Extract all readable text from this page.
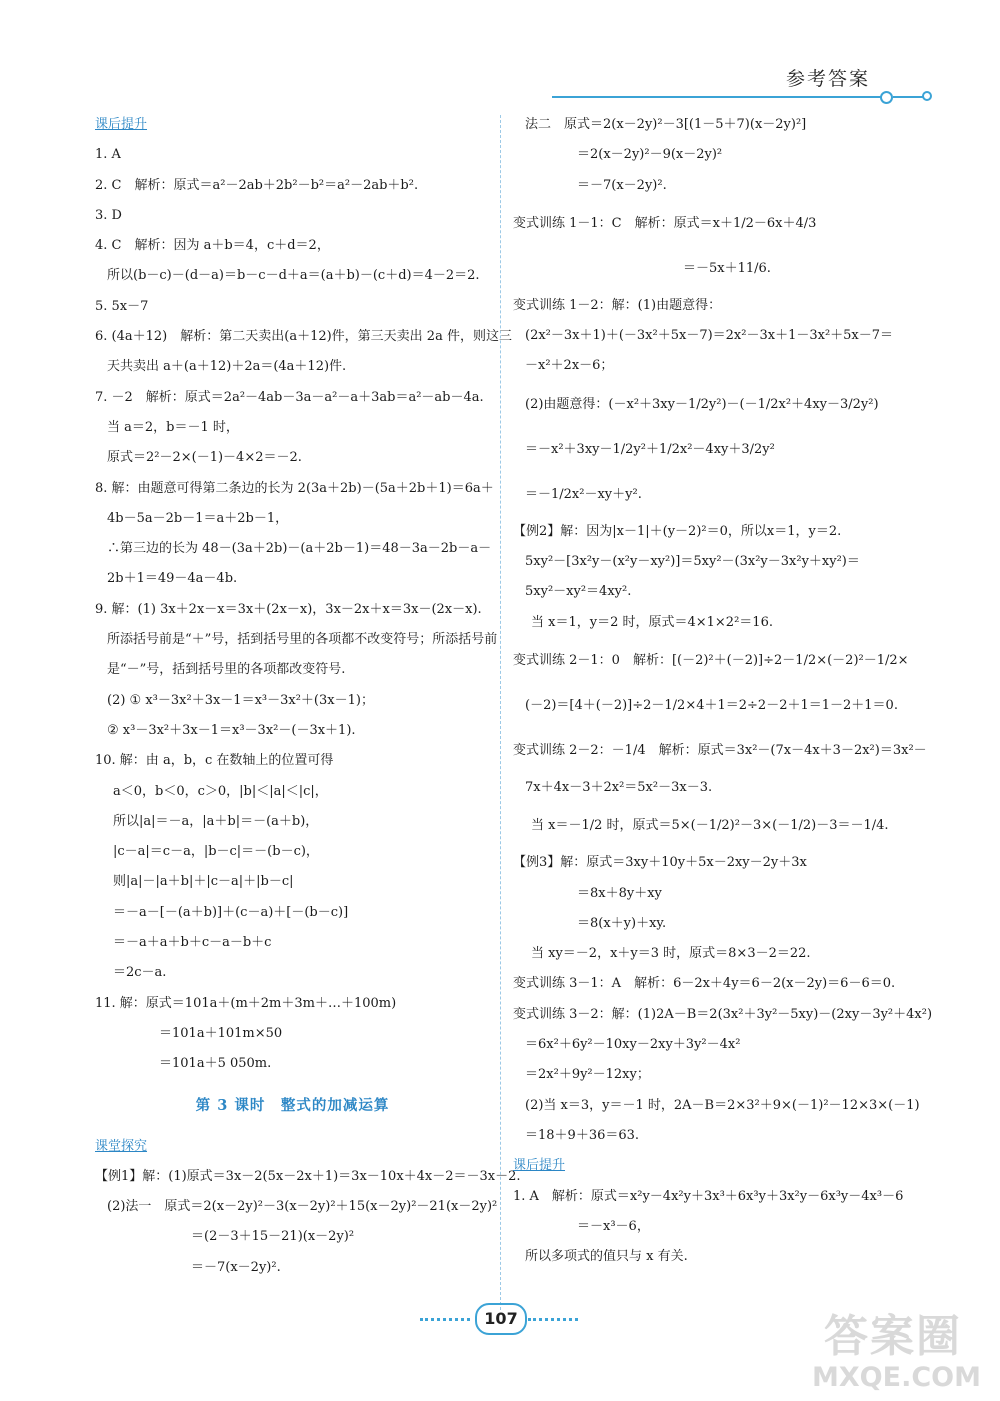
参考答案
课后提升
1. A
2. C　解析：原式＝a²－2ab＋2b²－b²＝a²－2ab＋b².
3. D
4. C　解析：因为 a＋b＝4，c＋d＝2，
所以(b－c)－(d－a)＝b－c－d＋a＝(a＋b)－(c＋d)＝4－2＝2.
5. 5x－7
6. (4a＋12)　解析：第二天卖出(a＋12)件，第三天卖出 2a 件，则这三
天共卖出 a＋(a＋12)＋2a＝(4a＋12)件.
7. －2　解析：原式＝2a²－4ab－3a－a²－a＋3ab＝a²－ab－4a.
当 a＝2，b＝－1 时，
原式＝2²－2×(－1)－4×2＝－2.
8. 解：由题意可得第二条边的长为 2(3a＋2b)－(5a＋2b＋1)＝6a＋
4b－5a－2b－1＝a＋2b－1，
∴第三边的长为 48－(3a＋2b)－(a＋2b－1)＝48－3a－2b－a－
2b＋1＝49－4a－4b.
9. 解：(1) 3x＋2x－x＝3x＋(2x－x)，3x－2x＋x＝3x－(2x－x).
所添括号前是“＋”号，括到括号里的各项都不改变符号；所添括号前
是“－”号，括到括号里的各项都改变符号.
(2) ① x³－3x²＋3x－1＝x³－3x²＋(3x－1)；
② x³－3x²＋3x－1＝x³－3x²－(－3x＋1).
10. 解：由 a，b，c 在数轴上的位置可得
a＜0，b＜0，c＞0，|b|＜|a|＜|c|，
所以|a|＝－a，|a＋b|＝－(a＋b)，
|c－a|＝c－a，|b－c|＝－(b－c)，
则|a|－|a＋b|＋|c－a|＋|b－c|
＝－a－[－(a＋b)]＋(c－a)＋[－(b－c)]
＝－a＋a＋b＋c－a－b＋c
＝2c－a.
11. 解：原式＝101a＋(m＋2m＋3m＋…＋100m)
＝101a＋101m×50
＝101a＋5 050m.
第 3 课时　整式的加减运算
课堂探究
【例1】解：(1)原式＝3x－2(5x－2x＋1)＝3x－10x＋4x－2＝－3x－2.
(2)法一　原式＝2(x－2y)²－3(x－2y)²＋15(x－2y)²－21(x－2y)²
＝(2－3＋15－21)(x－2y)²
＝－7(x－2y)².
法二　原式＝2(x－2y)²－3[(1－5＋7)(x－2y)²]
＝2(x－2y)²－9(x－2y)²
＝－7(x－2y)².
变式训练 1－1：C　解析：原式＝x＋1/2－6x＋4/3
＝－5x＋11/6.
变式训练 1－2：解：(1)由题意得：
(2x²－3x＋1)＋(－3x²＋5x－7)＝2x²－3x＋1－3x²＋5x－7＝
－x²＋2x－6；
(2)由题意得：(－x²＋3xy－1/2y²)－(－1/2x²＋4xy－3/2y²)
＝－x²＋3xy－1/2y²＋1/2x²－4xy＋3/2y²
＝－1/2x²－xy＋y².
【例2】解：因为|x－1|＋(y－2)²＝0，所以x＝1，y＝2.
5xy²－[3x²y－(x²y－xy²)]＝5xy²－(3x²y－3x²y＋xy²)＝
5xy²－xy²＝4xy².
当 x＝1，y＝2 时，原式＝4×1×2²＝16.
变式训练 2－1：0　解析：[(－2)²＋(－2)]÷2－1/2×(－2)²－1/2×
(－2)＝[4＋(－2)]÷2－1/2×4＋1＝2÷2－2＋1＝1－2＋1＝0.
变式训练 2－2：－1/4　解析：原式＝3x²－(7x－4x＋3－2x²)＝3x²－
7x＋4x－3＋2x²＝5x²－3x－3.
当 x＝－1/2 时，原式＝5×(－1/2)²－3×(－1/2)－3＝－1/4.
【例3】解：原式＝3xy＋10y＋5x－2xy－2y＋3x
＝8x＋8y＋xy
＝8(x＋y)＋xy.
当 xy＝－2，x＋y＝3 时，原式＝8×3－2＝22.
变式训练 3－1：A　解析：6－2x＋4y＝6－2(x－2y)＝6－6＝0.
变式训练 3－2：解：(1)2A－B＝2(3x²＋3y²－5xy)－(2xy－3y²＋4x²)
＝6x²＋6y²－10xy－2xy＋3y²－4x²
＝2x²＋9y²－12xy；
(2)当 x＝3，y＝－1 时，2A－B＝2×3²＋9×(－1)²－12×3×(－1)
＝18＋9＋36＝63.
课后提升
1. A　解析：原式＝x²y－4x²y＋3x³＋6x³y＋3x²y－6x³y－4x³－6
＝－x³－6，
所以多项式的值只与 x 有关.
107	答案圈
MXQE.COM
